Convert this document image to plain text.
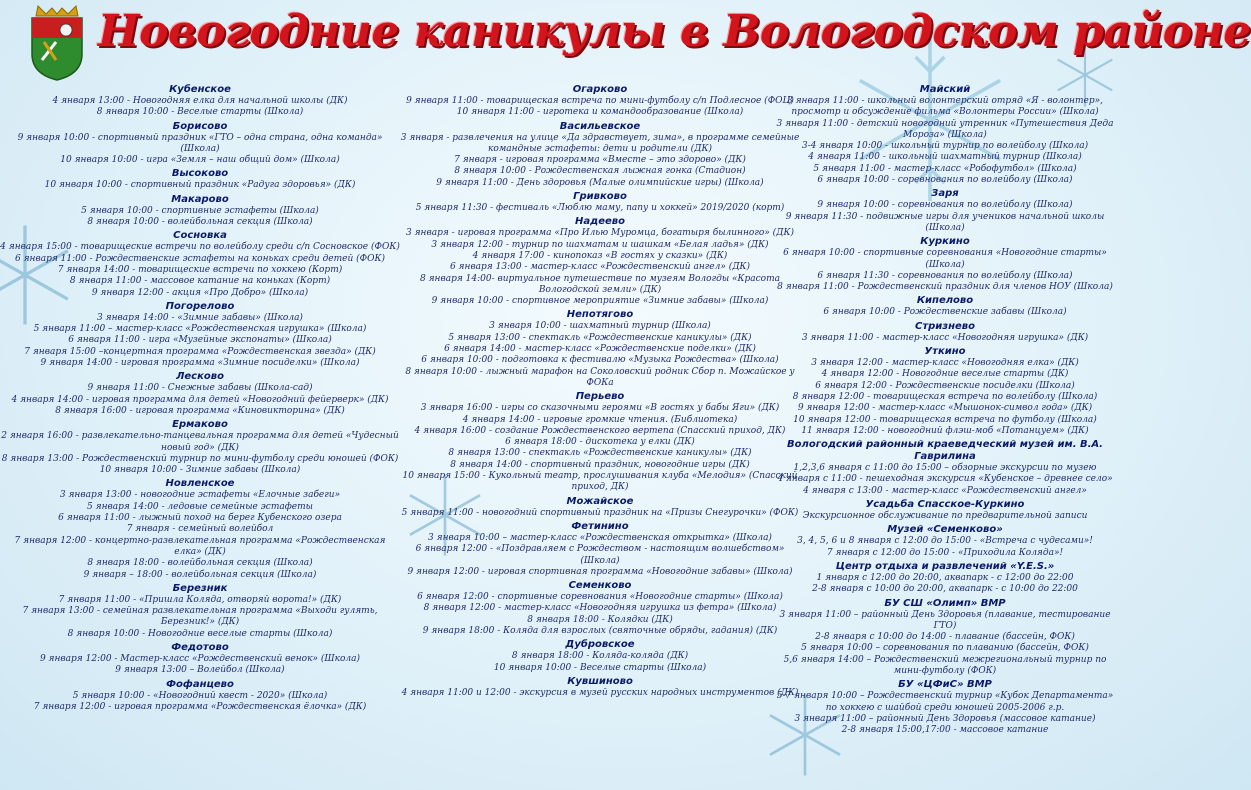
Новогодние каникулы в Вологодском районе
Кубенское
4 января 13:00 - Новогодняя елка для начальной школы (ДК)
8 января 10:00 - Веселые старты (Школа)
Борисово
9 января 10:00 - спортивный праздник «ГТО – одна страна, одна команда» (Школа)
10 января 10:00 - игра «Земля – наш общий дом» (Школа)
Высоково
10 января 10:00 - спортивный праздник «Радуга здоровья» (ДК)
Макарово
5 января 10:00 - спортивные эстафеты (Школа)
8 января 10:00 - волейбольная секция (Школа)
Сосновка
4 января 15:00 - товарищеские встречи по волейболу среди с/п Сосновское (ФОК)
6 января 11:00 - Рождественские эстафеты на коньках среди детей (ФОК)
7 января 14:00 - товарищеские встречи по хоккею (Корт)
8 января 11:00 - массовое катание на коньках (Корт)
9 января 12:00 - акция «Про Добро» (Школа)
Погорелово
3 января 14:00 - «Зимние забавы» (Школа)
5 января 11:00 – мастер-класс «Рождественская игрушка» (Школа)
6 января 11:00 - игра «Музейные экспонаты» (Школа)
7 января 15:00 –концертная программа «Рождественская звезда» (ДК)
9 января 14:00 - игровая программа «Зимние посиделки» (Школа)
Лесково
9 января 11:00 - Снежные забавы (Школа-сад)
4 января 14:00 - игровая программа для детей «Новогодний фейерверк» (ДК)
8 января 16:00 - игровая программа «Киновикторина» (ДК)
Ермаково
2 января 16:00 - развлекательно-танцевальная программа для детей «Чудесный новый год» (ДК)
8 января 13:00 - Рождественский турнир по мини-футболу среди юношей (ФОК)
10 января 10:00 - Зимние забавы (Школа)
Новленское
3 января 13:00 - новогодние эстафеты «Елочные забеги»
5 января 14:00 - ледовые семейные эстафеты
6 января 11:00 - лыжный поход на берег Кубенского озера
7 января - семейный волейбол
7 января 12:00 - концертно-развлекательная программа «Рождественская елка» (ДК)
8 января 18:00 - волейбольная секция (Школа)
9 января – 18:00 - волейбольная секция (Школа)
Березник
7 января 11:00 - «Пришла Коляда, отворяй ворота!» (ДК)
7 января 13:00 - семейная развлекательная программа «Выходи гулять, Березник!» (ДК)
8 января 10:00 - Новогодние веселые старты (Школа)
Федотово
9 января 12:00 - Мастер-класс «Рождественский венок» (Школа)
9 января 13:00 – Волейбол (Школа)
Фофанцево
5 января 10:00 - «Новогодний квест - 2020» (Школа)
7 января 12:00 - игровая программа «Рождественская ёлочка» (ДК)
Огарково
9 января 11:00 - товарищеская встреча по мини-футболу с/п Подлесное (ФОЦ)
10 января 11:00 - игротека и командообразование (Школа)
Васильевское
3 января - развлечения на улице «Да здравствует, зима», в программе семейные командные эстафеты: дети и родители (ДК)
7 января - игровая программа «Вместе – это здорово» (ДК)
8 января 10:00 - Рождественская лыжная гонка (Стадион)
9 января 11:00 - День здоровья (Малые олимпийские игры) (Школа)
Гривково
5 января 11:30 - фестиваль «Люблю маму, папу и хоккей» 2019/2020 (корт)
Надеево
3 января - игровая программа «Про Илью Муромца, богатыря былинного» (ДК)
3 января 12:00 - турнир по шахматам и шашкам «Белая ладья» (ДК)
4 января 17:00 - кинопоказ «В гостях у сказки» (ДК)
6 января 13:00 - мастер-класс «Рождественский ангел» (ДК)
8 января 14:00- виртуальное путешествие по музеям Вологды «Красота Вологодской земли» (ДК)
9 января 10:00 - спортивное мероприятие «Зимние забавы» (Школа)
Непотягово
3 января 10:00 - шахматный турнир (Школа)
5 января 13:00 - спектакль «Рождественские каникулы» (ДК)
6 января 14:00 - мастер-класс «Рождественские поделки» (ДК)
6 января 10:00 - подготовка к фестивалю «Музыка Рождества» (Школа)
8 января 10:00 - лыжный марафон на Соколовский родник Сбор п. Можайское у ФОКа
Перьево
3 января 16:00 - игры со сказочными героями «В гостях у бабы Яги» (ДК)
4 января 14:00 - игровые громкие чтения. (Библиотека)
4 января 16:00 - создание Рождественского вертепа (Спасский приход, ДК)
6 января 18:00 - дискотека у елки (ДК)
8 января 13:00 - спектакль «Рождественские каникулы» (ДК)
8 января 14:00 - спортивный праздник, новогодние игры (ДК)
10 января 15:00 - Кукольный театр, прослушивания клуба «Мелодия» (Спасский приход, ДК)
Можайское
5 января 11:00 - новогодний спортивный праздник на «Призы Снегурочки» (ФОК)
Фетинино
3 января 10:00 – мастер-класс «Рождественская открытка» (Школа)
6 января 12:00 - «Поздравляем с Рождеством - настоящим волшебством» (Школа)
9 января 12:00 - игровая спортивная программа «Новогодние забавы» (Школа)
Семенково
6 января 12:00 - спортивные соревнования «Новогодние старты» (Школа)
8 января 12:00 - мастер-класс «Новогодняя игрушка из фетра» (Школа)
8 января 18:00 - Колядки (ДК)
9 января 18:00 - Коляда для взрослых (святочные обряды, гадания) (ДК)
Дубровское
8 января 18:00 - Коляда-коляда (ДК)
10 января 10:00 - Веселые старты (Школа)
Кувшиново
4 января 11:00 и 12:00 - экскурсия в музей русских народных инструментов (ДК)
Майский
3 января 11:00 - школьный волонтерский отряд «Я - волонтер», просмотр и обсуждение фильма «Волонтеры России» (Школа)
3 января 11:00 - детский новогодний утренник «Путешествия Деда Мороза» (Школа)
3-4 января 10:00 - школьный турнир по волейболу (Школа)
4 января 11:00 - школьный шахматный турнир (Школа)
5 января 11:00 - мастер-класс «Робофутбол» (Школа)
6 января 10:00 - соревнования по волейболу (Школа)
Заря
9 января 10:00 - соревнования по волейболу (Школа)
9 января 11:30 - подвижные игры для учеников начальной школы (Школа)
Куркино
6 января 10:00 - спортивные соревнования «Новогодние старты» (Школа)
6 января 11:30 - соревнования по волейболу (Школа)
8 января 11:00 - Рождественский праздник для членов НОУ (Школа)
Кипелово
6 января 10:00 - Рождественские забавы (Школа)
Стризнево
3 января 11:00 - мастер-класс «Новогодняя игрушка» (ДК)
Уткино
3 января 12:00 - мастер-класс «Новогодняя елка» (ДК)
4 января 12:00 - Новогодние веселые старты (ДК)
6 января 12:00 - Рождественские посиделки (Школа)
8 января 12:00 - товарищеская встреча по волейболу (Школа)
9 января 12:00 - мастер-класс «Мышонок-символ года» (ДК)
10 января 12:00 - товарищеская встреча по футболу (Школа)
11 января 12:00 - новогодний флэш-моб «Потанцуем» (ДК)
Вологодский районный краеведческий музей им. В.А. Гаврилина
1,2,3,6 января с 11:00 до 15:00 – обзорные экскурсии по музею
4 января с 11:00 - пешеходная экскурсия «Кубенское – древнее село»
4 января с 13:00 - мастер-класс «Рождественский ангел»
Усадьба Спасское-Куркино
Экскурсионное обслуживание по предварительной записи
Музей «Семенково»
3, 4, 5, 6 и 8 января с 12:00 до 15:00 - «Встреча с чудесами»!
7 января с 12:00 до 15:00 - «Приходила Коляда»!
Центр отдыха и развлечений «Y.E.S.»
1 января с 12:00 до 20:00, аквапарк - с 12:00 до 22:00
2-8 января с 10:00 до 20:00, аквапарк - с 10:00 до 22:00
БУ СШ «Олимп» ВМР
3 января 11:00 – районный День Здоровья (плавание, тестирование ГТО)
2-8 января с 10:00 до 14:00 - плавание (бассейн, ФОК)
5 января 10:00 – соревнования по плаванию (бассейн, ФОК)
5,6 января 14:00 – Рождественский межрегиональный турнир по мини-футболу (ФОК)
БУ «ЦФиС» ВМР
5-7 января 10:00 – Рождественский турнир «Кубок Департамента»
по хоккею с шайбой среди юношей 2005-2006 г.р.
3 января 11:00 – районный День Здоровья (массовое катание)
2-8 января 15:00,17:00 - массовое катание
